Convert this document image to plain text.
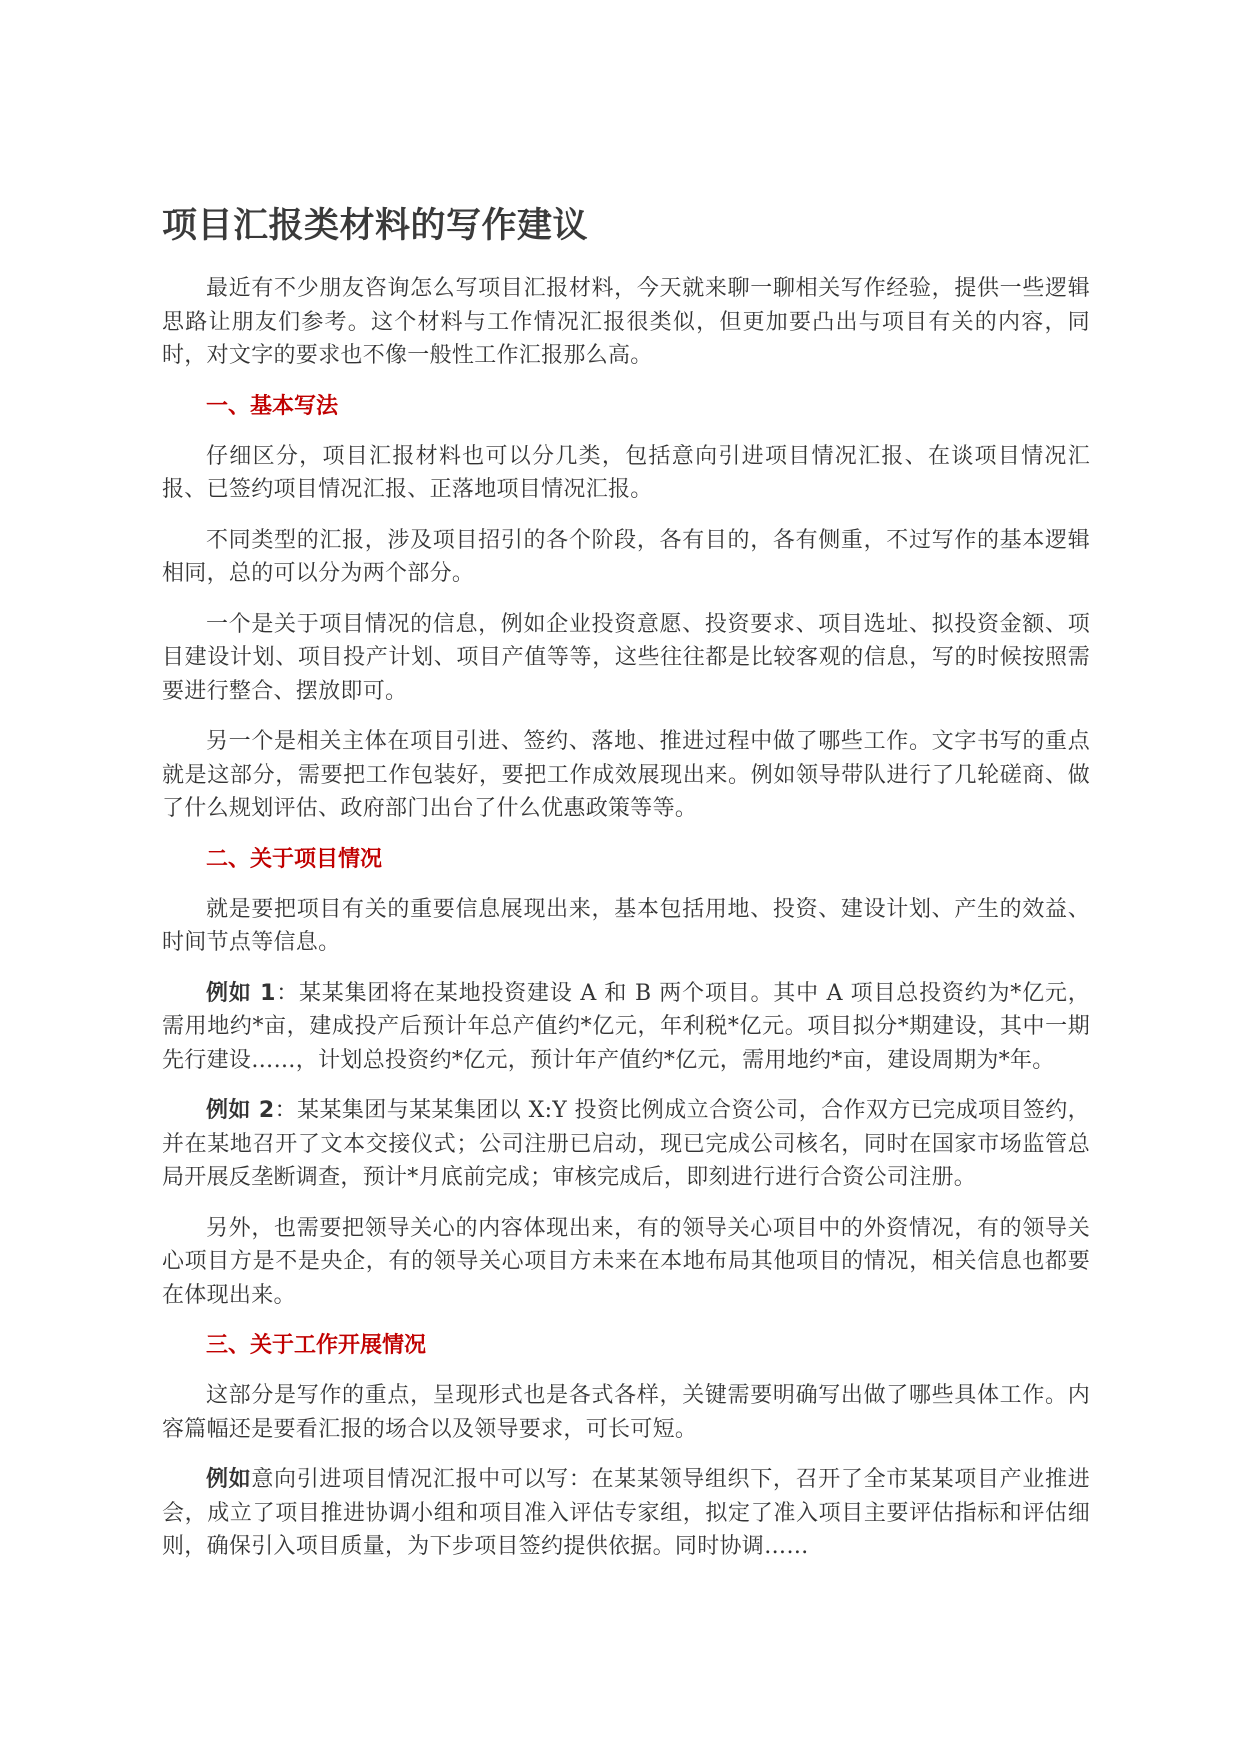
项目汇报类材料的写作建议

最近有不少朋友咨询怎么写项目汇报材料，今天就来聊一聊相关写作经验，提供一些逻辑思路让朋友们参考。这个材料与工作情况汇报很类似，但更加要凸出与项目有关的内容，同时，对文字的要求也不像一般性工作汇报那么高。

一、基本写法

仔细区分，项目汇报材料也可以分几类，包括意向引进项目情况汇报、在谈项目情况汇报、已签约项目情况汇报、正落地项目情况汇报。

不同类型的汇报，涉及项目招引的各个阶段，各有目的，各有侧重，不过写作的基本逻辑相同，总的可以分为两个部分。

一个是关于项目情况的信息，例如企业投资意愿、投资要求、项目选址、拟投资金额、项目建设计划、项目投产计划、项目产值等等，这些往往都是比较客观的信息，写的时候按照需要进行整合、摆放即可。

另一个是相关主体在项目引进、签约、落地、推进过程中做了哪些工作。文字书写的重点就是这部分，需要把工作包装好，要把工作成效展现出来。例如领导带队进行了几轮磋商、做了什么规划评估、政府部门出台了什么优惠政策等等。

二、关于项目情况

就是要把项目有关的重要信息展现出来，基本包括用地、投资、建设计划、产生的效益、时间节点等信息。

例如 1：某某集团将在某地投资建设 A 和 B 两个项目。其中 A 项目总投资约为*亿元，需用地约*亩，建成投产后预计年总产值约*亿元，年利税*亿元。项目拟分*期建设，其中一期先行建设……，计划总投资约*亿元，预计年产值约*亿元，需用地约*亩，建设周期为*年。

例如 2：某某集团与某某集团以 X:Y 投资比例成立合资公司，合作双方已完成项目签约，并在某地召开了文本交接仪式；公司注册已启动，现已完成公司核名，同时在国家市场监管总局开展反垄断调查，预计*月底前完成；审核完成后，即刻进行进行合资公司注册。

另外，也需要把领导关心的内容体现出来，有的领导关心项目中的外资情况，有的领导关心项目方是不是央企，有的领导关心项目方未来在本地布局其他项目的情况，相关信息也都要在体现出来。

三、关于工作开展情况

这部分是写作的重点，呈现形式也是各式各样，关键需要明确写出做了哪些具体工作。内容篇幅还是要看汇报的场合以及领导要求，可长可短。

例如意向引进项目情况汇报中可以写：在某某领导组织下，召开了全市某某项目产业推进会，成立了项目推进协调小组和项目准入评估专家组，拟定了准入项目主要评估指标和评估细则，确保引入项目质量，为下步项目签约提供依据。同时协调……
